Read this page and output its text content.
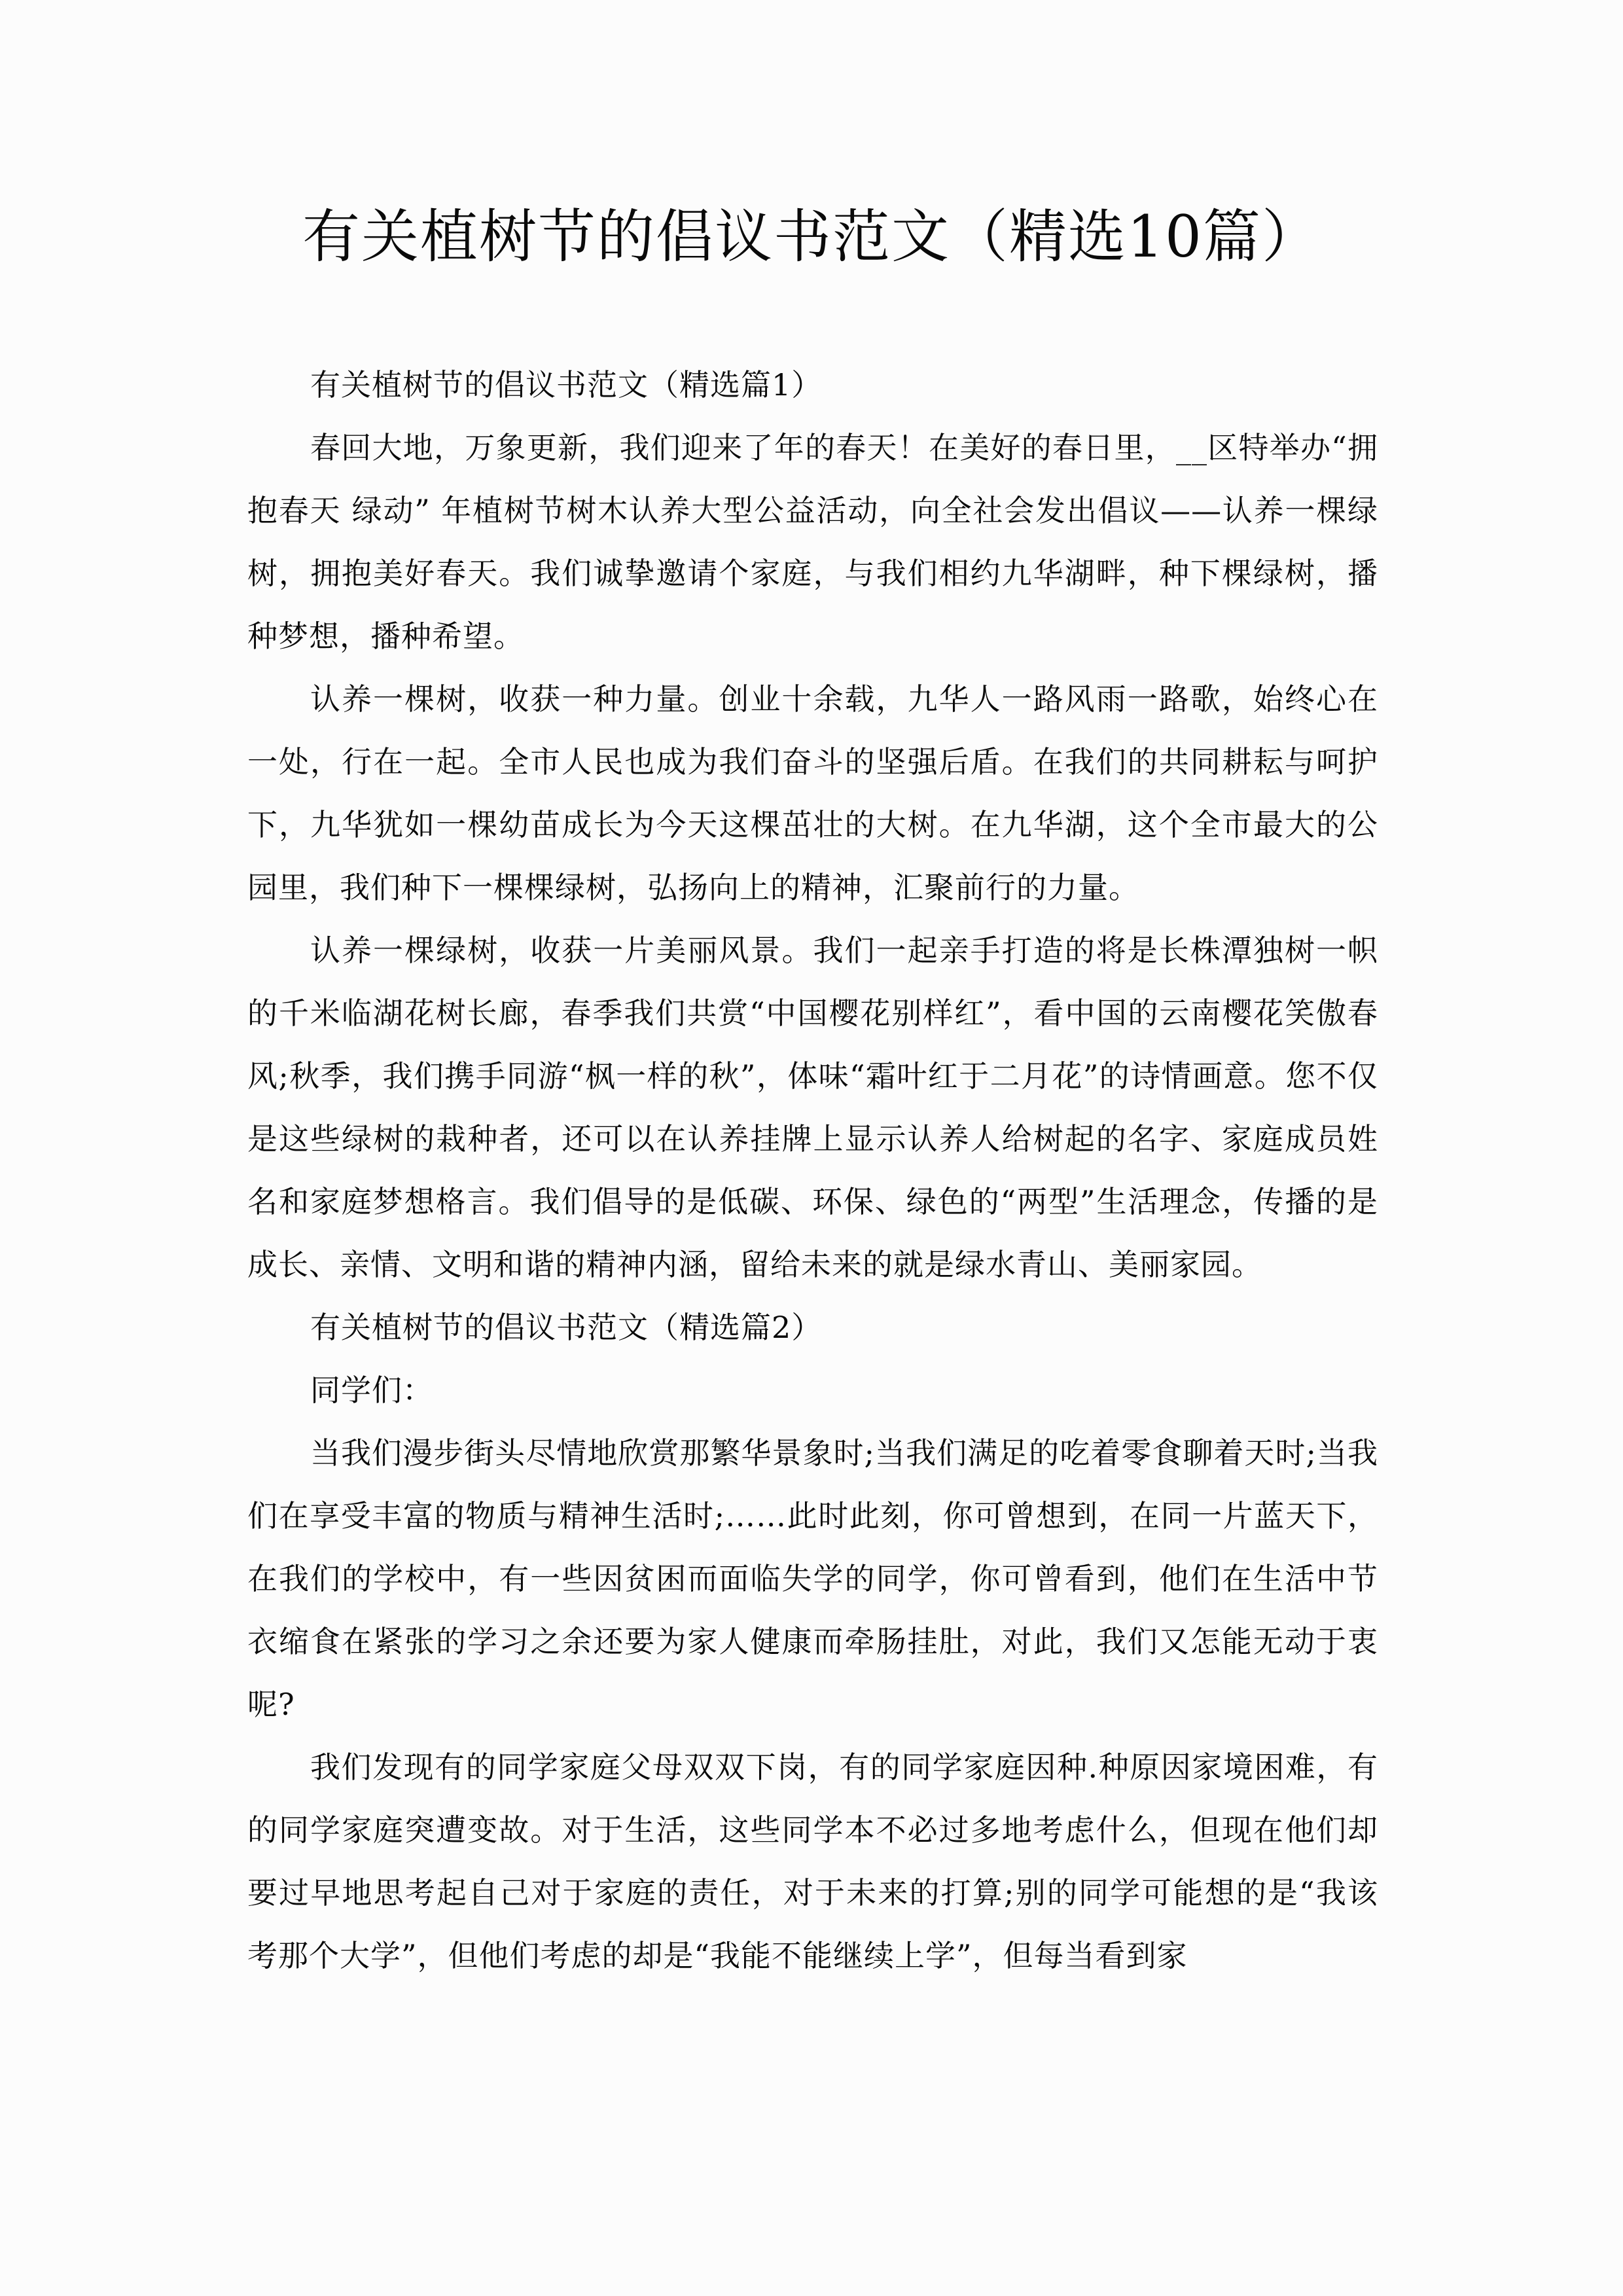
有关植树节的倡议书范文（精选10篇）

有关植树节的倡议书范文（精选篇1）

春回大地，万象更新，我们迎来了年的春天！在美好的春日里，__区特举办“拥抱春天 绿动” 年植树节树木认养大型公益活动，向全社会发出倡议——认养一棵绿树，拥抱美好春天。我们诚挚邀请个家庭，与我们相约九华湖畔，种下棵绿树，播种梦想，播种希望。

认养一棵树，收获一种力量。创业十余载，九华人一路风雨一路歌，始终心在一处，行在一起。全市人民也成为我们奋斗的坚强后盾。在我们的共同耕耘与呵护下，九华犹如一棵幼苗成长为今天这棵茁壮的大树。在九华湖，这个全市最大的公园里，我们种下一棵棵绿树，弘扬向上的精神，汇聚前行的力量。

认养一棵绿树，收获一片美丽风景。我们一起亲手打造的将是长株潭独树一帜的千米临湖花树长廊，春季我们共赏“中国樱花别样红”，看中国的云南樱花笑傲春风;秋季，我们携手同游“枫一样的秋”，体味“霜叶红于二月花”的诗情画意。您不仅是这些绿树的栽种者，还可以在认养挂牌上显示认养人给树起的名字、家庭成员姓名和家庭梦想格言。我们倡导的是低碳、环保、绿色的“两型”生活理念，传播的是成长、亲情、文明和谐的精神内涵，留给未来的就是绿水青山、美丽家园。

有关植树节的倡议书范文（精选篇2）

同学们：

当我们漫步街头尽情地欣赏那繁华景象时;当我们满足的吃着零食聊着天时;当我们在享受丰富的物质与精神生活时;……此时此刻，你可曾想到，在同一片蓝天下，在我们的学校中，有一些因贫困而面临失学的同学，你可曾看到，他们在生活中节衣缩食在紧张的学习之余还要为家人健康而牵肠挂肚，对此，我们又怎能无动于衷呢?

我们发现有的同学家庭父母双双下岗，有的同学家庭因种.种原因家境困难，有的同学家庭突遭变故。对于生活，这些同学本不必过多地考虑什么，但现在他们却要过早地思考起自己对于家庭的责任，对于未来的打算;别的同学可能想的是“我该考那个大学”，但他们考虑的却是“我能不能继续上学”，但每当看到家
